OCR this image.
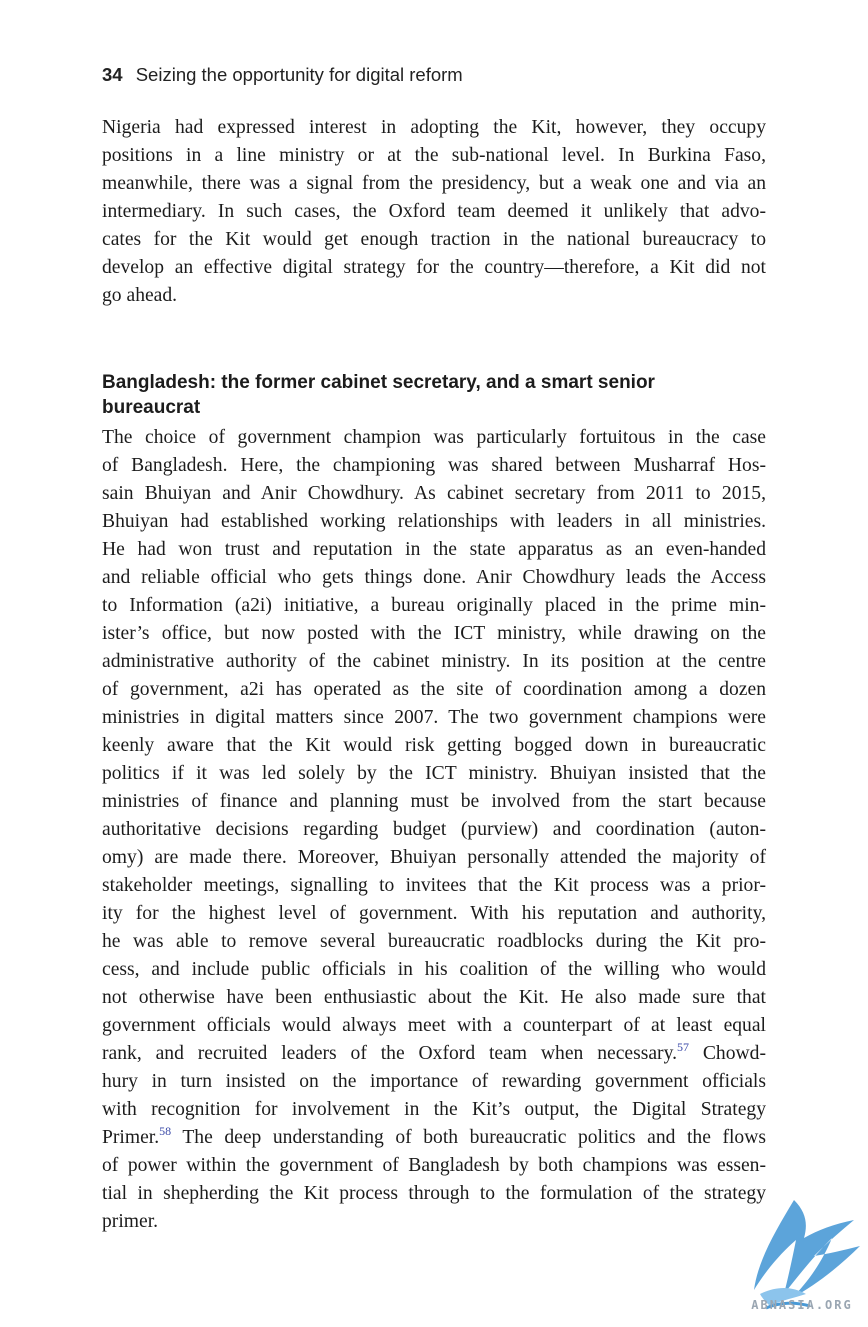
34 Seizing the opportunity for digital reform
Nigeria had expressed interest in adopting the Kit, however, they occupy
positions in a line ministry or at the sub-national level. In Burkina Faso,
meanwhile, there was a signal from the presidency, but a weak one and via an
intermediary. In such cases, the Oxford team deemed it unlikely that advo-
cates for the Kit would get enough traction in the national bureaucracy to
develop an effective digital strategy for the country—therefore, a Kit did not
go ahead.
Bangladesh: the former cabinet secretary, and a smart senior bureaucrat
The choice of government champion was particularly fortuitous in the case
of Bangladesh. Here, the championing was shared between Musharraf Hos-
sain Bhuiyan and Anir Chowdhury. As cabinet secretary from 2011 to 2015,
Bhuiyan had established working relationships with leaders in all ministries.
He had won trust and reputation in the state apparatus as an even-handed
and reliable official who gets things done. Anir Chowdhury leads the Access
to Information (a2i) initiative, a bureau originally placed in the prime min-
ister’s office, but now posted with the ICT ministry, while drawing on the
administrative authority of the cabinet ministry. In its position at the centre
of government, a2i has operated as the site of coordination among a dozen
ministries in digital matters since 2007. The two government champions were
keenly aware that the Kit would risk getting bogged down in bureaucratic
politics if it was led solely by the ICT ministry. Bhuiyan insisted that the
ministries of finance and planning must be involved from the start because
authoritative decisions regarding budget (purview) and coordination (auton-
omy) are made there. Moreover, Bhuiyan personally attended the majority of
stakeholder meetings, signalling to invitees that the Kit process was a prior-
ity for the highest level of government. With his reputation and authority,
he was able to remove several bureaucratic roadblocks during the Kit pro-
cess, and include public officials in his coalition of the willing who would
not otherwise have been enthusiastic about the Kit. He also made sure that
government officials would always meet with a counterpart of at least equal
rank, and recruited leaders of the Oxford team when necessary.$^{57}$ Chowd-
hury in turn insisted on the importance of rewarding government officials
with recognition for involvement in the Kit’s output, the Digital Strategy
Primer.$^{58}$ The deep understanding of both bureaucratic politics and the flows
of power within the government of Bangladesh by both champions was essen-
tial in shepherding the Kit process through to the formulation of the strategy
primer.
ABNASIA.ORG
